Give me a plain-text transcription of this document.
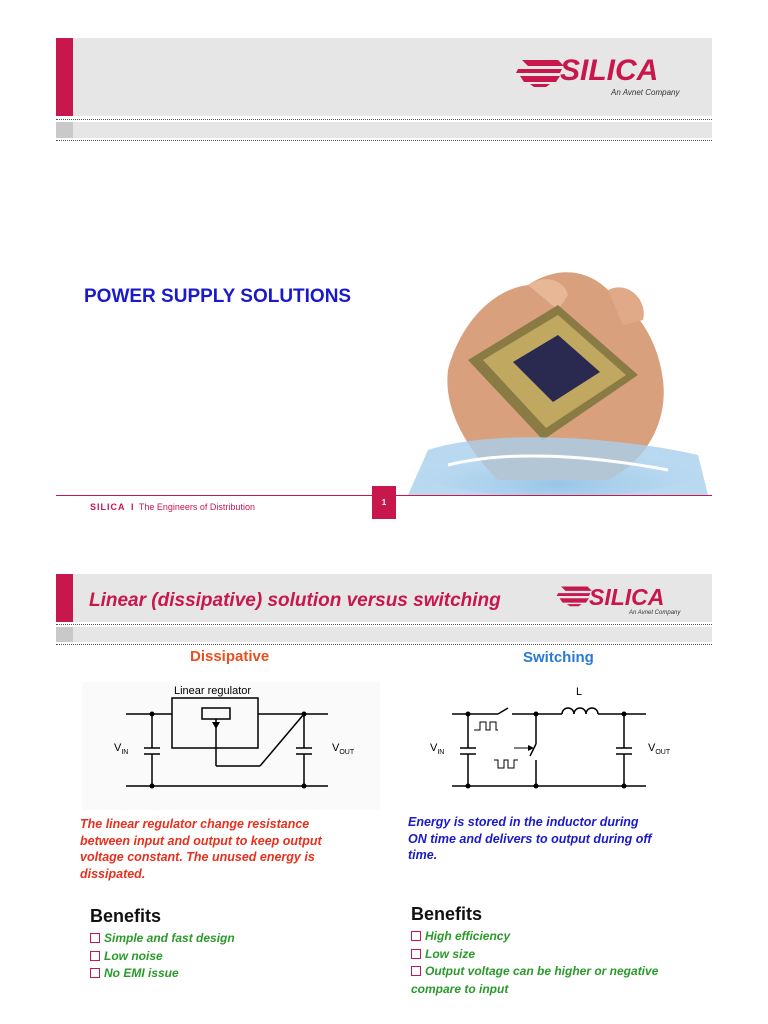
SILICA
An Avnet Company
POWER SUPPLY SOLUTIONS
SILICA I The Engineers of Distribution	1
Linear (dissipative) solution versus switching	SILICA
An Avnet Company
Dissipative	Switching
Linear regulator
$V_{IN}$	$V_{OUT}$
L
$V_{IN}$	$V_{OUT}$
The linear regulator change resistance
between input and output to keep output
voltage constant. The unused energy is
dissipated.
Energy is stored in the inductor during
ON time and delivers to output during off
time.
Benefits
Simple and fast design
Low noise
No EMI issue
Benefits
High efficiency
Low size
Output voltage can be higher or negative
compare to input
